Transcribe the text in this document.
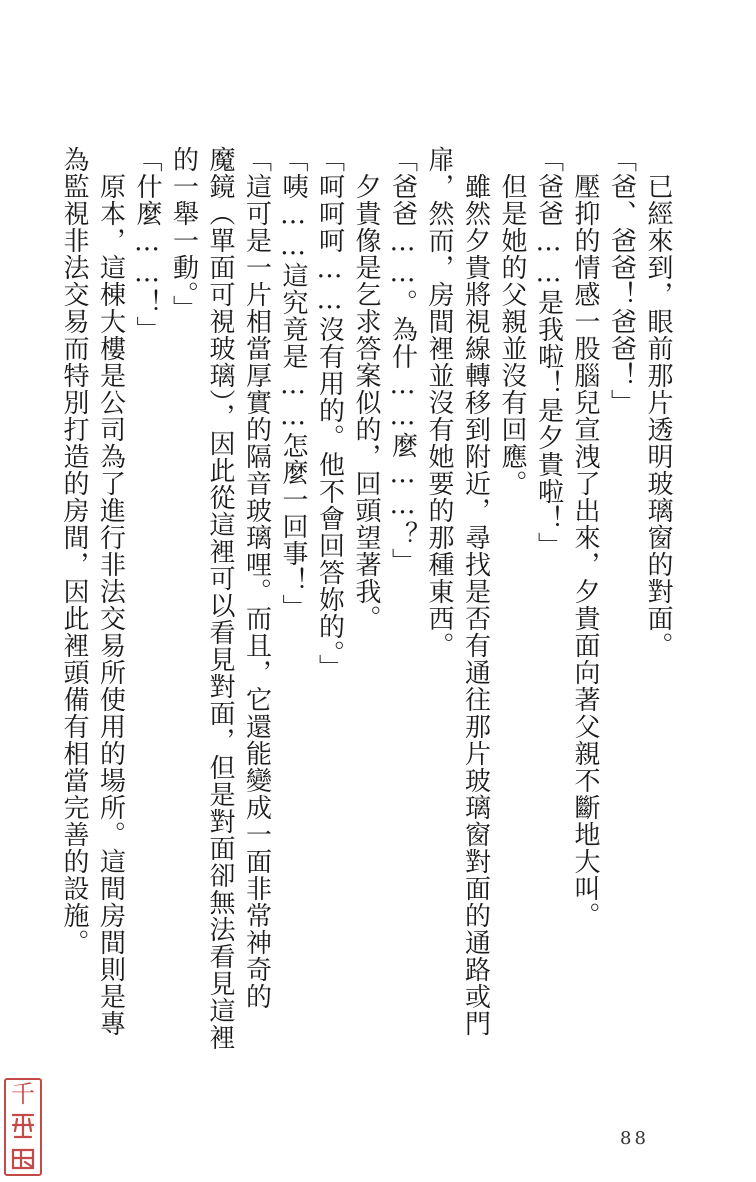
　已經來到，眼前那片透明玻璃窗的對面。
「爸、爸爸！爸爸！」
　壓抑的情感一股腦兒宣洩了出來，夕貴面向著父親不斷地大叫。
「爸爸……是我啦！是夕貴啦！」
　但是她的父親並沒有回應。
　雖然夕貴將視線轉移到附近，尋找是否有通往那片玻璃窗對面的通路或門
扉，然而，房間裡並沒有她要的那種東西。
「爸爸……。為什……麼……？」
　夕貴像是乞求答案似的，回頭望著我。
「呵呵呵……沒有用的。他不會回答妳的。」
「咦……這究竟是……怎麼一回事！」
「這可是一片相當厚實的隔音玻璃哩。而且，它還能變成一面非常神奇的
魔鏡（單面可視玻璃），因此從這裡可以看見對面，但是對面卻無法看見這裡
的一舉一動。」
「什麼……！」
　原本，這棟大樓是公司為了進行非法交易所使用的場所。這間房間則是專
為監視非法交易而特別打造的房間，因此裡頭備有相當完善的設施。
88
千
